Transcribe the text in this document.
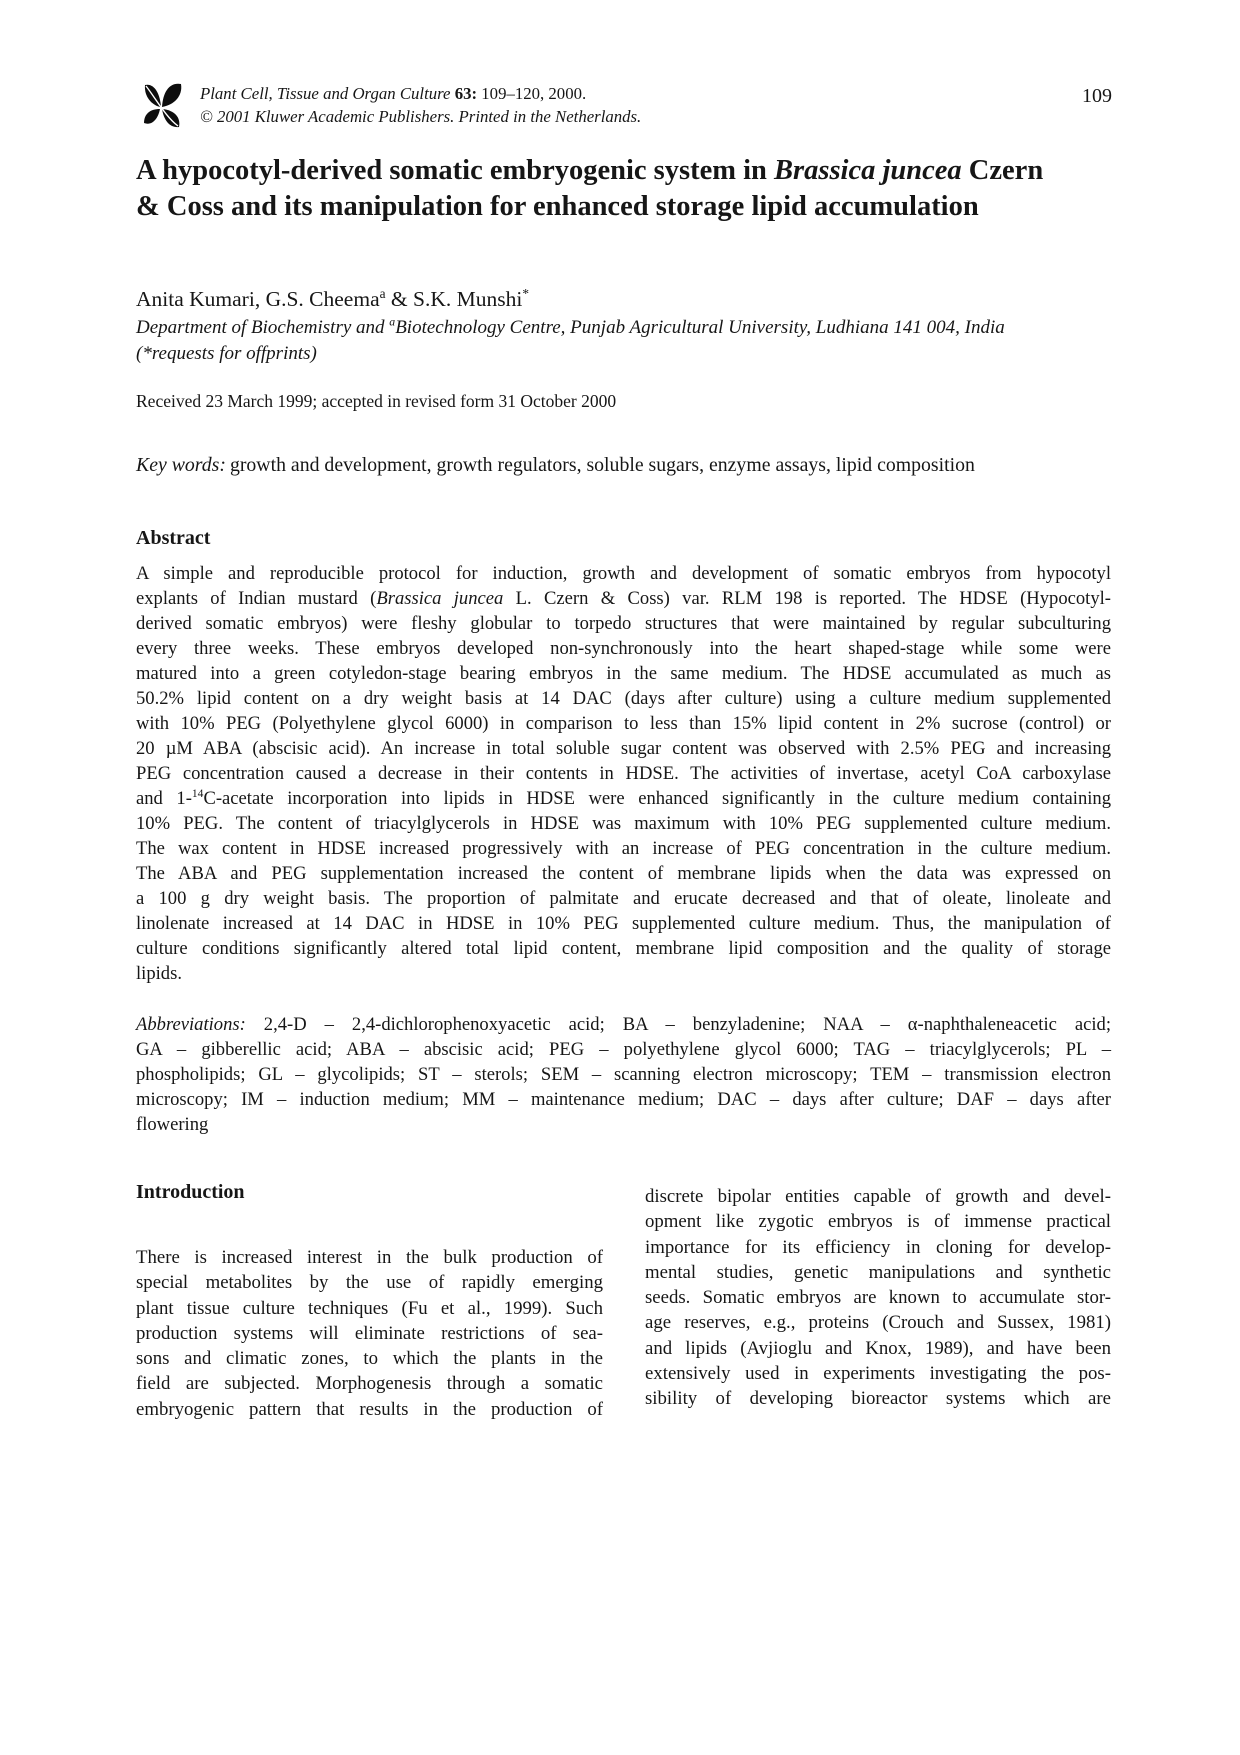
Plant Cell, Tissue and Organ Culture 63: 109–120, 2000.
© 2001 Kluwer Academic Publishers. Printed in the Netherlands.
109
A hypocotyl-derived somatic embryogenic system in Brassica juncea Czern
& Coss and its manipulation for enhanced storage lipid accumulation
Anita Kumari, G.S. Cheema$^a$ & S.K. Munshi*
Department of Biochemistry and $^a$Biotechnology Centre, Punjab Agricultural University, Ludhiana 141 004, India
(*requests for offprints)
Received 23 March 1999; accepted in revised form 31 October 2000
Key words: growth and development, growth regulators, soluble sugars, enzyme assays, lipid composition
Abstract
A simple and reproducible protocol for induction, growth and development of somatic embryos from hypocotyl
explants of Indian mustard (Brassica juncea L. Czern & Coss) var. RLM 198 is reported. The HDSE (Hypocotyl-
derived somatic embryos) were fleshy globular to torpedo structures that were maintained by regular subculturing
every three weeks. These embryos developed non-synchronously into the heart shaped-stage while some were
matured into a green cotyledon-stage bearing embryos in the same medium. The HDSE accumulated as much as
50.2% lipid content on a dry weight basis at 14 DAC (days after culture) using a culture medium supplemented
with 10% PEG (Polyethylene glycol 6000) in comparison to less than 15% lipid content in 2% sucrose (control) or
20 µM ABA (abscisic acid). An increase in total soluble sugar content was observed with 2.5% PEG and increasing
PEG concentration caused a decrease in their contents in HDSE. The activities of invertase, acetyl CoA carboxylase
and 1-$^{14}$C-acetate incorporation into lipids in HDSE were enhanced significantly in the culture medium containing
10% PEG. The content of triacylglycerols in HDSE was maximum with 10% PEG supplemented culture medium.
The wax content in HDSE increased progressively with an increase of PEG concentration in the culture medium.
The ABA and PEG supplementation increased the content of membrane lipids when the data was expressed on
a 100 g dry weight basis. The proportion of palmitate and erucate decreased and that of oleate, linoleate and
linolenate increased at 14 DAC in HDSE in 10% PEG supplemented culture medium. Thus, the manipulation of
culture conditions significantly altered total lipid content, membrane lipid composition and the quality of storage
lipids.
Abbreviations: 2,4-D – 2,4-dichlorophenoxyacetic acid; BA – benzyladenine; NAA – α-naphthaleneacetic acid;
GA – gibberellic acid; ABA – abscisic acid; PEG – polyethylene glycol 6000; TAG – triacylglycerols; PL –
phospholipids; GL – glycolipids; ST – sterols; SEM – scanning electron microscopy; TEM – transmission electron
microscopy; IM – induction medium; MM – maintenance medium; DAC – days after culture; DAF – days after
flowering
Introduction
There is increased interest in the bulk production of
special metabolites by the use of rapidly emerging
plant tissue culture techniques (Fu et al., 1999). Such
production systems will eliminate restrictions of sea-
sons and climatic zones, to which the plants in the
field are subjected. Morphogenesis through a somatic
embryogenic pattern that results in the production of
discrete bipolar entities capable of growth and devel-
opment like zygotic embryos is of immense practical
importance for its efficiency in cloning for develop-
mental studies, genetic manipulations and synthetic
seeds. Somatic embryos are known to accumulate stor-
age reserves, e.g., proteins (Crouch and Sussex, 1981)
and lipids (Avjioglu and Knox, 1989), and have been
extensively used in experiments investigating the pos-
sibility of developing bioreactor systems which are
